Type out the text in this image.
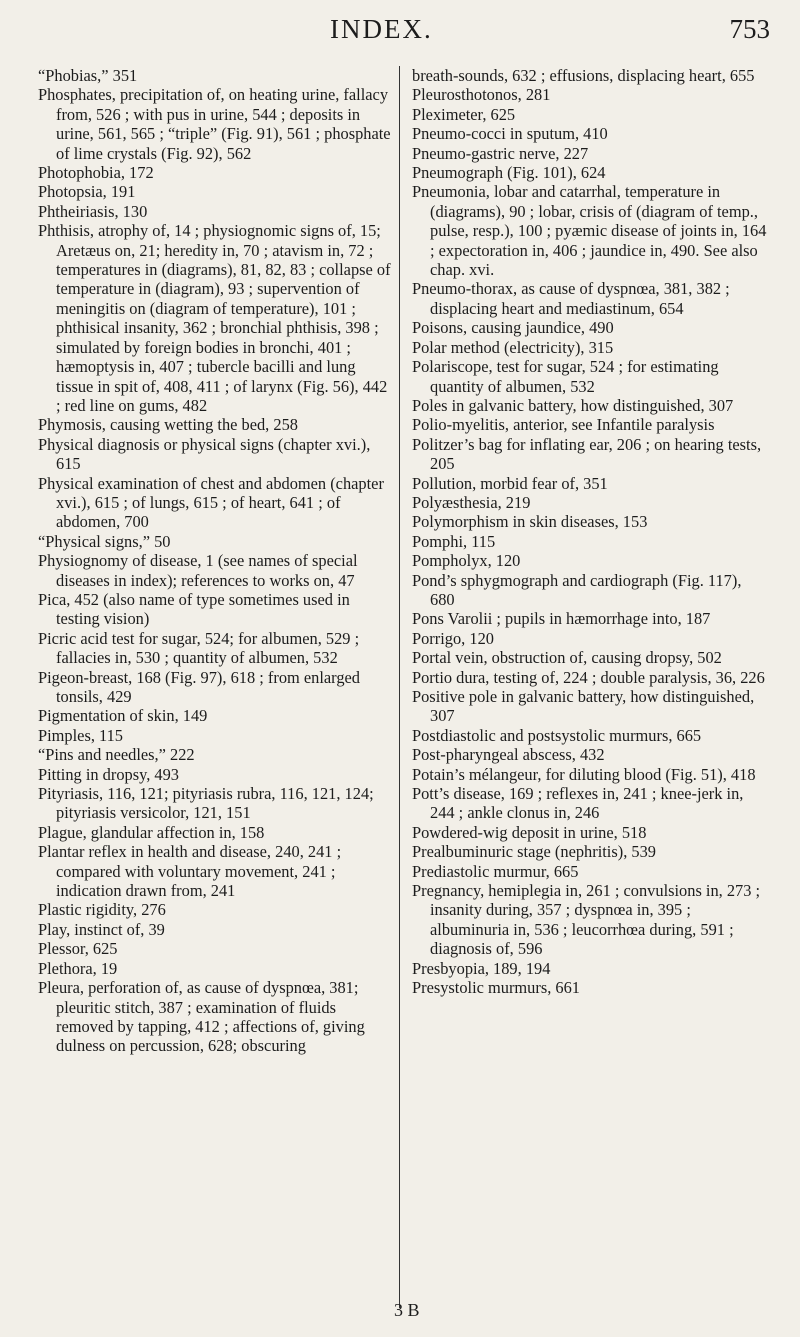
INDEX.	753

“Phobias,” 351

Phosphates, precipitation of, on heating urine, fallacy from, 526 ; with pus in urine, 544 ; deposits in urine, 561, 565 ; “triple” (Fig. 91), 561 ; phosphate of lime crystals (Fig. 92), 562

Photophobia, 172

Photopsia, 191

Phtheiriasis, 130

Phthisis, atrophy of, 14 ; physiognomic signs of, 15; Aretæus on, 21; heredity in, 70 ; atavism in, 72 ; temperatures in (diagrams), 81, 82, 83 ; collapse of temperature in (diagram), 93 ; supervention of meningitis on (diagram of temperature), 101 ; phthisical insanity, 362 ; bronchial phthisis, 398 ; simulated by foreign bodies in bronchi, 401 ; hæmoptysis in, 407 ; tubercle bacilli and lung tissue in spit of, 408, 411 ; of larynx (Fig. 56), 442 ; red line on gums, 482

Phymosis, causing wetting the bed, 258

Physical diagnosis or physical signs (chapter xvi.), 615

Physical examination of chest and abdomen (chapter xvi.), 615 ; of lungs, 615 ; of heart, 641 ; of abdomen, 700

“Physical signs,” 50

Physiognomy of disease, 1 (see names of special diseases in index); references to works on, 47

Pica, 452 (also name of type sometimes used in testing vision)

Picric acid test for sugar, 524; for albumen, 529 ; fallacies in, 530 ; quantity of albumen, 532

Pigeon-breast, 168 (Fig. 97), 618 ; from enlarged tonsils, 429

Pigmentation of skin, 149

Pimples, 115

“Pins and needles,” 222

Pitting in dropsy, 493

Pityriasis, 116, 121; pityriasis rubra, 116, 121, 124; pityriasis versicolor, 121, 151

Plague, glandular affection in, 158

Plantar reflex in health and disease, 240, 241 ; compared with voluntary movement, 241 ; indication drawn from, 241

Plastic rigidity, 276

Play, instinct of, 39

Plessor, 625

Plethora, 19

Pleura, perforation of, as cause of dyspnœa, 381; pleuritic stitch, 387 ; examination of fluids removed by tapping, 412 ; affections of, giving dulness on percussion, 628; obscuring

breath-sounds, 632 ; effusions, displacing heart, 655

Pleurosthotonos, 281

Pleximeter, 625

Pneumo-cocci in sputum, 410

Pneumo-gastric nerve, 227

Pneumograph (Fig. 101), 624

Pneumonia, lobar and catarrhal, temperature in (diagrams), 90 ; lobar, crisis of (diagram of temp., pulse, resp.), 100 ; pyæmic disease of joints in, 164 ; expectoration in, 406 ; jaundice in, 490. See also chap. xvi.

Pneumo-thorax, as cause of dyspnœa, 381, 382 ; displacing heart and mediastinum, 654

Poisons, causing jaundice, 490

Polar method (electricity), 315

Polariscope, test for sugar, 524 ; for estimating quantity of albumen, 532

Poles in galvanic battery, how distinguished, 307

Polio-myelitis, anterior, see Infantile paralysis

Politzer’s bag for inflating ear, 206 ; on hearing tests, 205

Pollution, morbid fear of, 351

Polyæsthesia, 219

Polymorphism in skin diseases, 153

Pomphi, 115

Pompholyx, 120

Pond’s sphygmograph and cardiograph (Fig. 117), 680

Pons Varolii ; pupils in hæmorrhage into, 187

Porrigo, 120

Portal vein, obstruction of, causing dropsy, 502

Portio dura, testing of, 224 ; double paralysis, 36, 226

Positive pole in galvanic battery, how distinguished, 307

Postdiastolic and postsystolic murmurs, 665

Post-pharyngeal abscess, 432

Potain’s mélangeur, for diluting blood (Fig. 51), 418

Pott’s disease, 169 ; reflexes in, 241 ; knee-jerk in, 244 ; ankle clonus in, 246

Powdered-wig deposit in urine, 518

Prealbuminuric stage (nephritis), 539

Prediastolic murmur, 665

Pregnancy, hemiplegia in, 261 ; convulsions in, 273 ; insanity during, 357 ; dyspnœa in, 395 ; albuminuria in, 536 ; leucorrhœa during, 591 ; diagnosis of, 596

Presbyopia, 189, 194

Presystolic murmurs, 661

3 B
